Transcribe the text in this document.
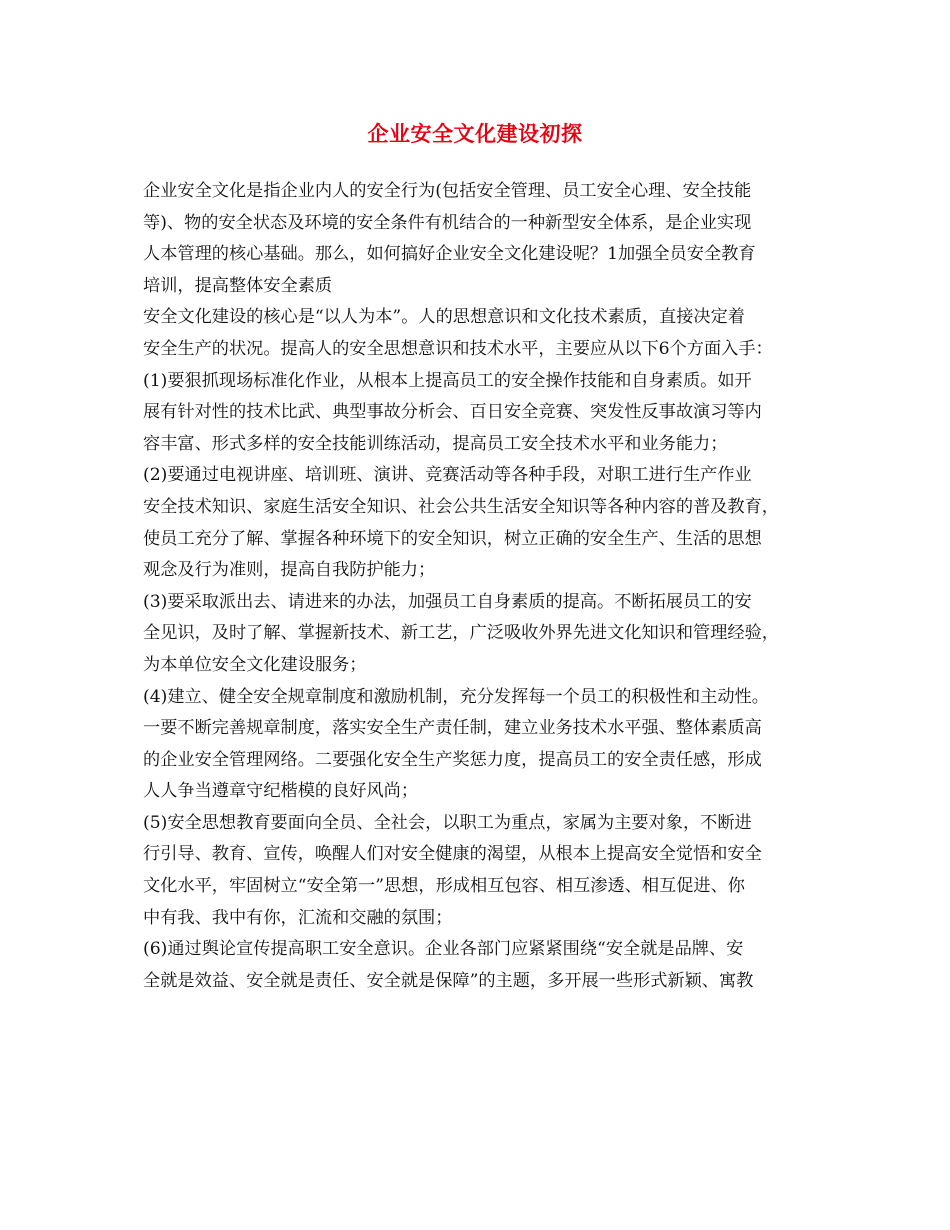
企业安全文化建设初探
企业安全文化是指企业内人的安全行为(包括安全管理、员工安全心理、安全技能
等)、物的安全状态及环境的安全条件有机结合的一种新型安全体系，是企业实现
人本管理的核心基础。那么，如何搞好企业安全文化建设呢？1加强全员安全教育
培训，提高整体安全素质
安全文化建设的核心是“以人为本”。人的思想意识和文化技术素质，直接决定着
安全生产的状况。提高人的安全思想意识和技术水平，主要应从以下6个方面入手：
(1)要狠抓现场标准化作业，从根本上提高员工的安全操作技能和自身素质。如开
展有针对性的技术比武、典型事故分析会、百日安全竞赛、突发性反事故演习等内
容丰富、形式多样的安全技能训练活动，提高员工安全技术水平和业务能力；
(2)要通过电视讲座、培训班、演讲、竞赛活动等各种手段，对职工进行生产作业
安全技术知识、家庭生活安全知识、社会公共生活安全知识等各种内容的普及教育，
使员工充分了解、掌握各种环境下的安全知识，树立正确的安全生产、生活的思想
观念及行为准则，提高自我防护能力；
(3)要采取派出去、请进来的办法，加强员工自身素质的提高。不断拓展员工的安
全见识，及时了解、掌握新技术、新工艺，广泛吸收外界先进文化知识和管理经验，
为本单位安全文化建设服务；
(4)建立、健全安全规章制度和激励机制，充分发挥每一个员工的积极性和主动性。
一要不断完善规章制度，落实安全生产责任制，建立业务技术水平强、整体素质高
的企业安全管理网络。二要强化安全生产奖惩力度，提高员工的安全责任感，形成
人人争当遵章守纪楷模的良好风尚；
(5)安全思想教育要面向全员、全社会，以职工为重点，家属为主要对象，不断进
行引导、教育、宣传，唤醒人们对安全健康的渴望，从根本上提高安全觉悟和安全
文化水平，牢固树立“安全第一”思想，形成相互包容、相互渗透、相互促进、你
中有我、我中有你，汇流和交融的氛围；
(6)通过舆论宣传提高职工安全意识。企业各部门应紧紧围绕“安全就是品牌、安
全就是效益、安全就是责任、安全就是保障”的主题，多开展一些形式新颖、寓教
